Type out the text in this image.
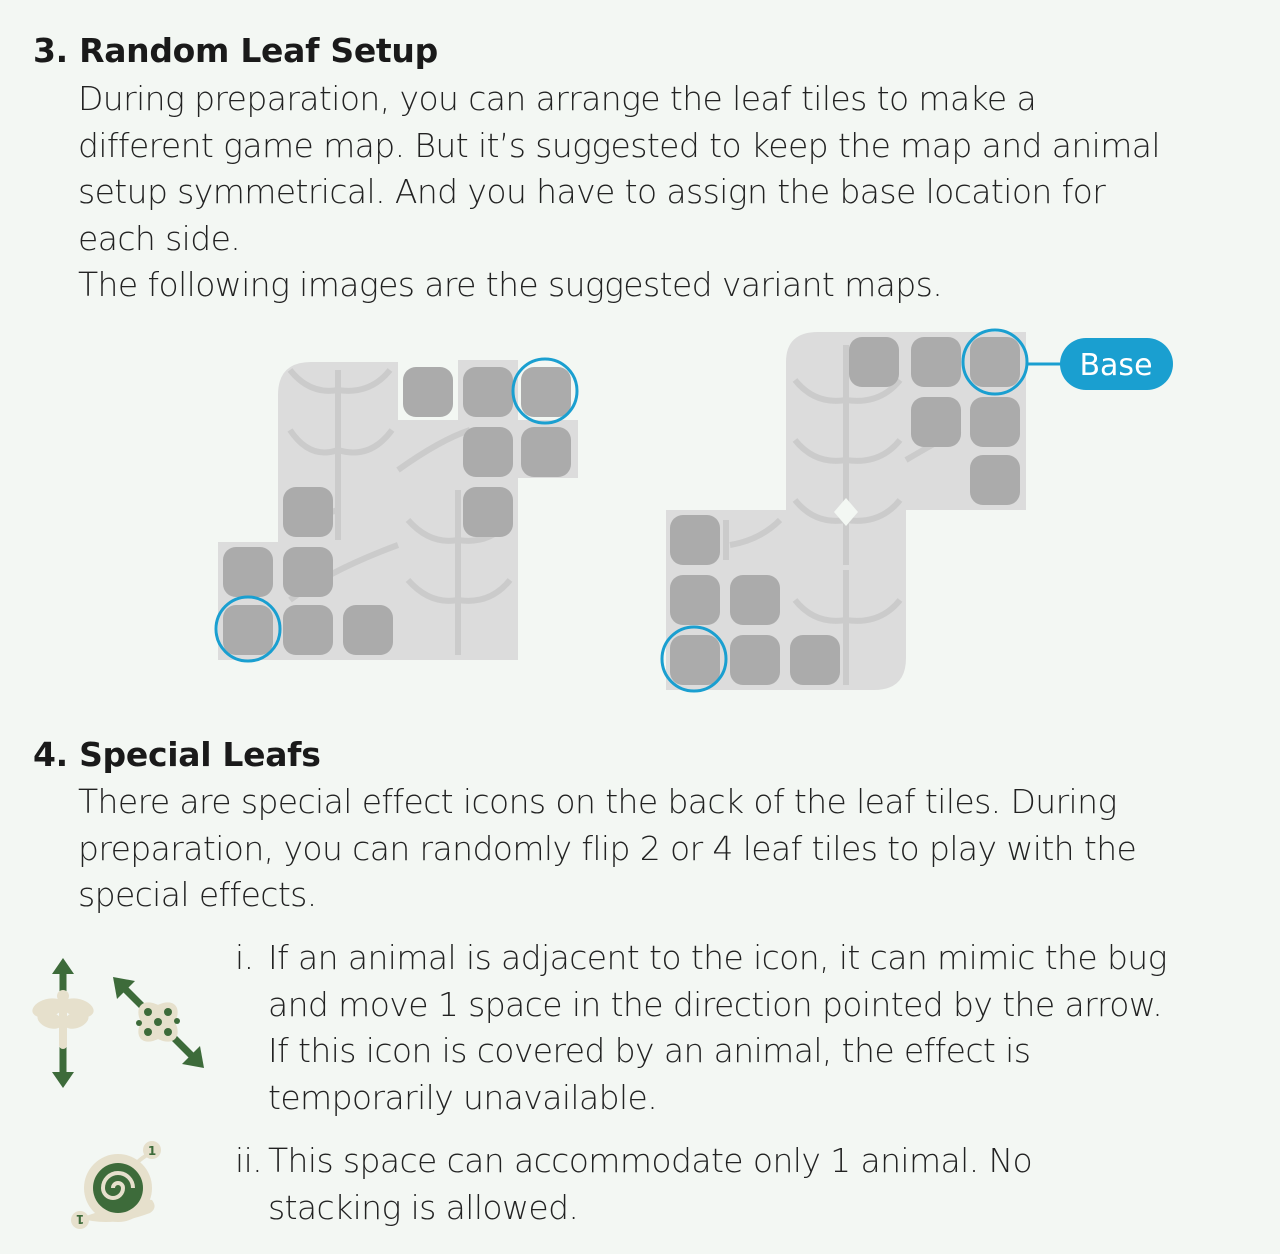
3. Random Leaf Setup
During preparation, you can arrange the leaf tiles to make a
different game map. But it’s suggested to keep the map and animal
setup symmetrical. And you have to assign the base location for
each side.
The following images are the suggested variant maps.
Base
4. Special Leafs
There are special effect icons on the back of the leaf tiles. During
preparation, you can randomly flip 2 or 4 leaf tiles to play with the
special effects.
i. If an animal is adjacent to the icon, it can mimic the bug
and move 1 space in the direction pointed by the arrow.
If this icon is covered by an animal, the effect is
temporarily unavailable.
1
1
ii. This space can accommodate only 1 animal. No
stacking is allowed.
